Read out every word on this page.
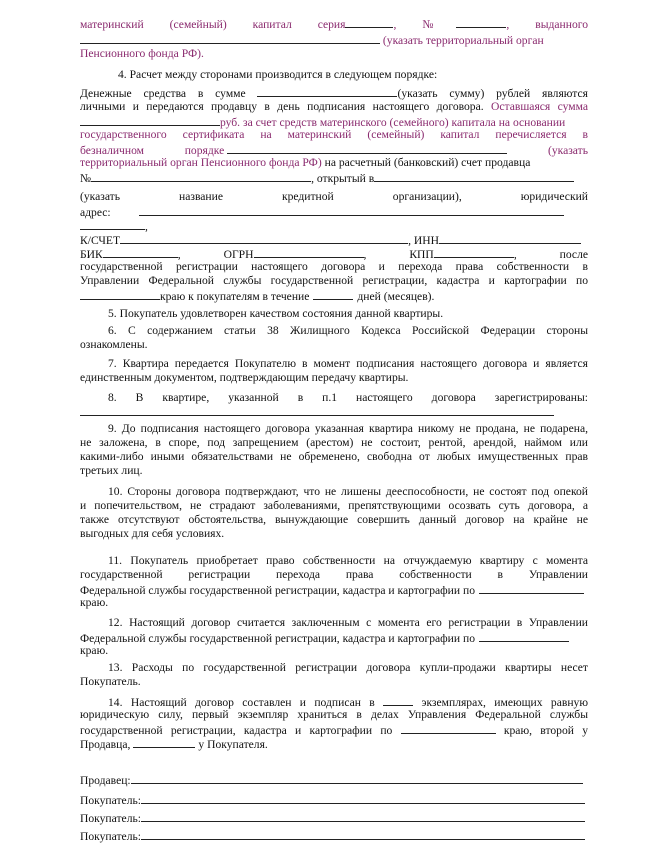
материнский (семейный) капитал серия	, №	, выданного
(указать территориальный орган
Пенсионного фонда РФ).
4. Расчет между сторонами производится в следующем порядке:
Денежные средства в сумме	(указать сумму) рублей являются
личными и передаются продавцу в день подписания настоящего договора. Оставшаяся сумма
руб. за счет средств материнского (семейного) капитала на основании
государственного сертификата на материнский (семейный) капитал перечисляется в
безналичном порядке	(указать
территориальный орган Пенсионного фонда РФ) на расчетный (банковский) счет продавца
№	, открытый в
(указать	название	кредитной	организации),	юридический
адрес:
,
К/СЧЕТ	, ИНН
БИК	,	ОГРН	,	КПП	,	после
государственной регистрации настоящего договора и перехода права собственности в
Управлении Федеральной службы государственной регистрации, кадастра и картографии по
краю к покупателям в течение	дней (месяцев).
5. Покупатель удовлетворен качеством состояния данной квартиры.
6. С содержанием статьи 38 Жилищного Кодекса Российской Федерации стороны
ознакомлены.
7. Квартира передается Покупателю в момент подписания настоящего договора и является
единственным документом, подтверждающим передачу квартиры.
8. В квартире, указанной в п.1 настоящего договора зарегистрированы:
9. До подписания настоящего договора указанная квартира никому не продана, не подарена,
не заложена, в споре, под запрещением (арестом) не состоит, рентой, арендой, наймом или
какими-либо иными обязательствами не обременено, свободна от любых имущественных прав
третьих лиц.
10. Стороны договора подтверждают, что не лишены дееспособности, не состоят под опекой
и попечительством, не страдают заболеваниями, препятствующими осозвать суть договора, а
также отсутствуют обстоятельства, вынуждающие совершить данный договор на крайне не
выгодных для себя условиях.
11. Покупатель приобретает право собственности на отчуждаемую квартиру с момента
государственной регистрации перехода права собственности в Управлении
Федеральной службы государственной регистрации, кадастра и картографии по
краю.
12. Настоящий договор считается заключенным с момента его регистрации в Управлении
Федеральной службы государственной регистрации, кадастра и картографии по
краю.
13. Расходы по государственной регистрации договора купли-продажи квартиры несет
Покупатель.
14. Настоящий договор составлен и подписан в	экземплярах, имеющих равную
юридическую силу, первый экземпляр храниться в делах Управления Федеральной службы
государственной регистрации, кадастра и картографии по	краю, второй у
Продавца,	у Покупателя.
Продавец:
Покупатель:
Покупатель:
Покупатель:
